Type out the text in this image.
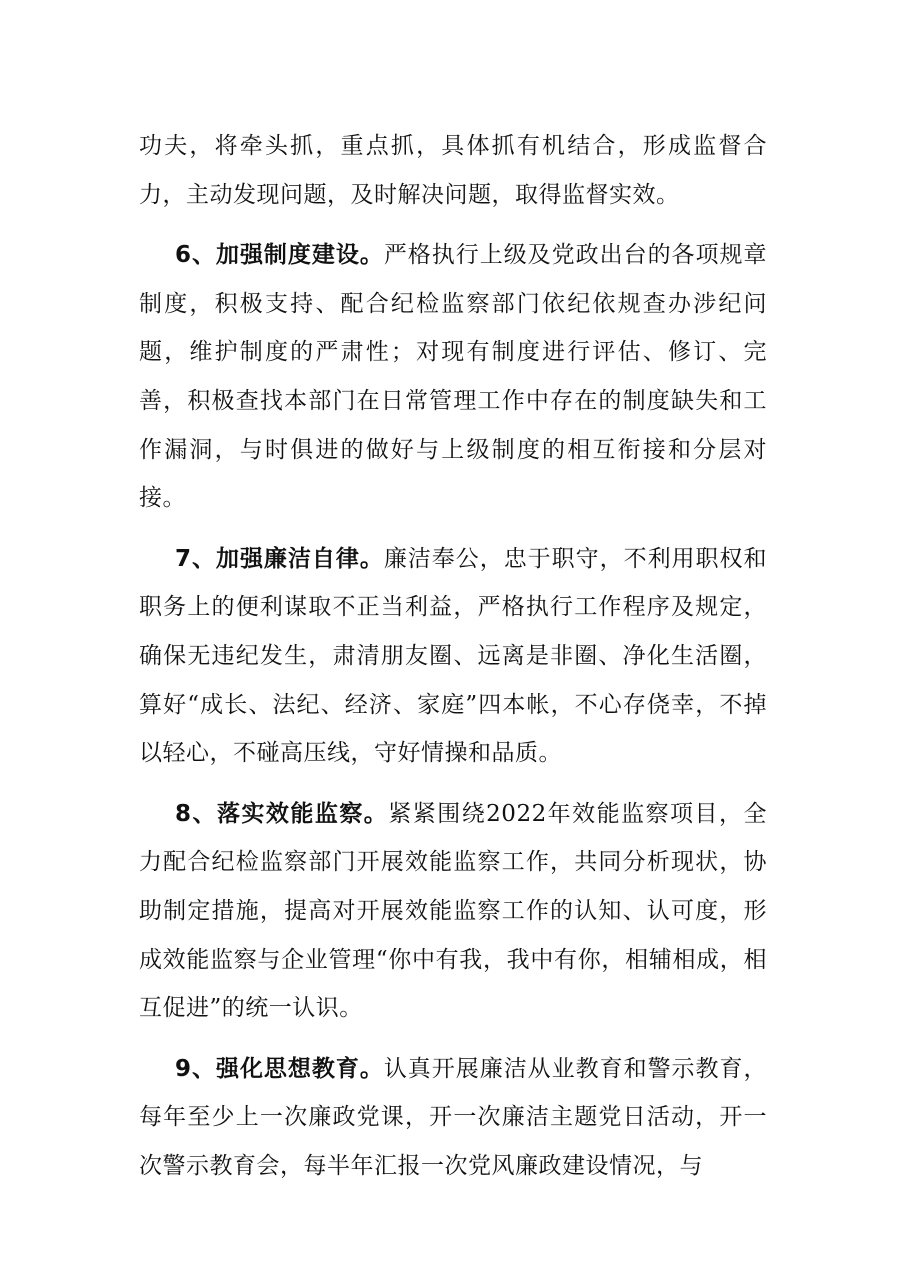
功夫，将牵头抓，重点抓，具体抓有机结合，形成监督合力，主动发现问题，及时解决问题，取得监督实效。

6、加强制度建设。严格执行上级及党政出台的各项规章制度，积极支持、配合纪检监察部门依纪依规查办涉纪问题，维护制度的严肃性；对现有制度进行评估、修订、完善，积极查找本部门在日常管理工作中存在的制度缺失和工作漏洞，与时俱进的做好与上级制度的相互衔接和分层对接。

7、加强廉洁自律。廉洁奉公，忠于职守，不利用职权和职务上的便利谋取不正当利益，严格执行工作程序及规定，确保无违纪发生，肃清朋友圈、远离是非圈、净化生活圈，算好“成长、法纪、经济、家庭”四本帐，不心存侥幸，不掉以轻心，不碰高压线，守好情操和品质。

8、落实效能监察。紧紧围绕2022年效能监察项目，全力配合纪检监察部门开展效能监察工作，共同分析现状，协助制定措施，提高对开展效能监察工作的认知、认可度，形成效能监察与企业管理“你中有我，我中有你，相辅相成，相互促进”的统一认识。

9、强化思想教育。认真开展廉洁从业教育和警示教育，每年至少上一次廉政党课，开一次廉洁主题党日活动，开一次警示教育会，每半年汇报一次党风廉政建设情况，与
